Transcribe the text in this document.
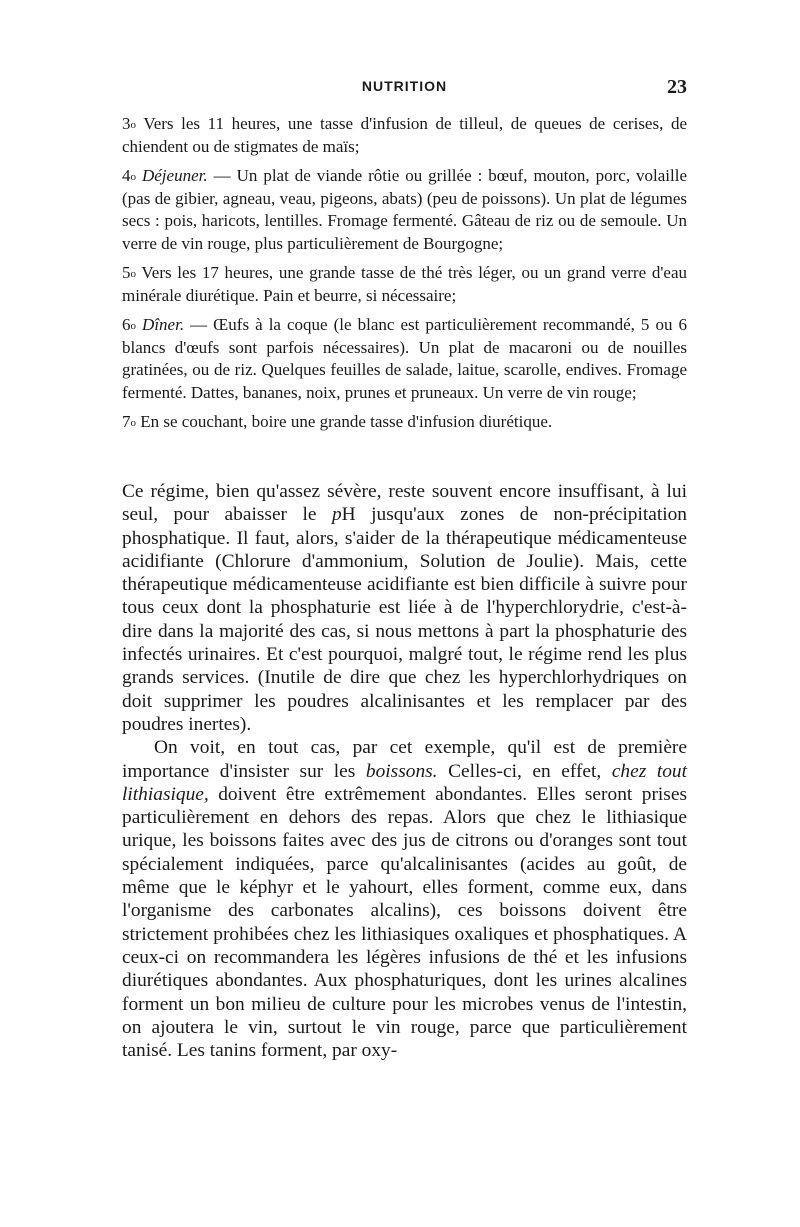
NUTRITION	23

3$^o$ Vers les 11 heures, une tasse d'infusion de tilleul, de queues de cerises, de chiendent ou de stigmates de maïs;

4$^o$ Déjeuner. — Un plat de viande rôtie ou grillée : bœuf, mouton, porc, volaille (pas de gibier, agneau, veau, pigeons, abats) (peu de poissons). Un plat de légumes secs : pois, haricots, lentilles. Fromage fermenté. Gâteau de riz ou de semoule. Un verre de vin rouge, plus particulièrement de Bourgogne;

5$^o$ Vers les 17 heures, une grande tasse de thé très léger, ou un grand verre d'eau minérale diurétique. Pain et beurre, si nécessaire;

6$^o$ Dîner. — Œufs à la coque (le blanc est particulièrement recommandé, 5 ou 6 blancs d'œufs sont parfois nécessaires). Un plat de macaroni ou de nouilles gratinées, ou de riz. Quelques feuilles de salade, laitue, scarolle, endives. Fromage fermenté. Dattes, bananes, noix, prunes et pruneaux. Un verre de vin rouge;

7$^o$ En se couchant, boire une grande tasse d'infusion diurétique.

Ce régime, bien qu'assez sévère, reste souvent encore insuffisant, à lui seul, pour abaisser le pH jusqu'aux zones de non-précipitation phosphatique. Il faut, alors, s'aider de la thérapeutique médicamenteuse acidifiante (Chlorure d'ammonium, Solution de Joulie). Mais, cette thérapeutique médicamenteuse acidifiante est bien difficile à suivre pour tous ceux dont la phosphaturie est liée à de l'hyperchlorydrie, c'est-à-dire dans la majorité des cas, si nous mettons à part la phosphaturie des infectés urinaires. Et c'est pourquoi, malgré tout, le régime rend les plus grands services. (Inutile de dire que chez les hyperchlorhydriques on doit supprimer les poudres alcalinisantes et les remplacer par des poudres inertes).

On voit, en tout cas, par cet exemple, qu'il est de première importance d'insister sur les boissons. Celles-ci, en effet, chez tout lithiasique, doivent être extrêmement abondantes. Elles seront prises particulièrement en dehors des repas. Alors que chez le lithiasique urique, les boissons faites avec des jus de citrons ou d'oranges sont tout spécialement indiquées, parce qu'alcalinisantes (acides au goût, de même que le képhyr et le yahourt, elles forment, comme eux, dans l'organisme des carbonates alcalins), ces boissons doivent être strictement prohibées chez les lithiasiques oxaliques et phosphatiques. A ceux-ci on recommandera les légères infusions de thé et les infusions diurétiques abondantes. Aux phosphaturiques, dont les urines alcalines forment un bon milieu de culture pour les microbes venus de l'intestin, on ajoutera le vin, surtout le vin rouge, parce que particulièrement tanisé. Les tanins forment, par oxy-
